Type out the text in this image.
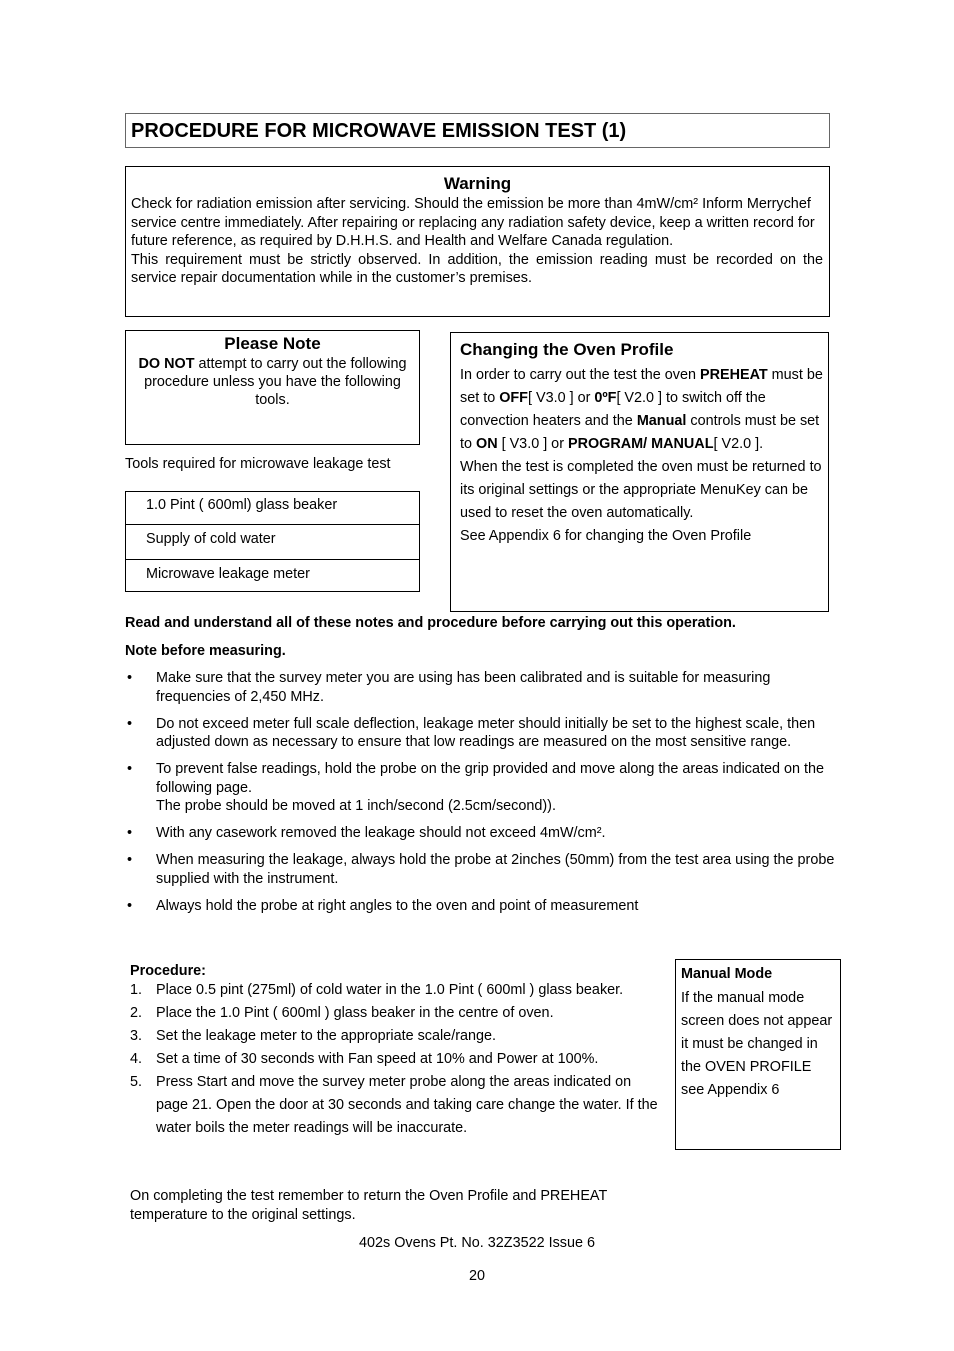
PROCEDURE FOR MICROWAVE EMISSION TEST (1)
Warning

Check for radiation emission after servicing. Should the emission be more than 4mW/cm² Inform Merrychef service centre immediately. After repairing or replacing any radiation safety device, keep a written record for future reference, as required by D.H.H.S. and Health and Welfare Canada regulation.

This requirement must be strictly observed. In addition, the emission reading must be recorded on the service repair documentation while in the customer’s premises.

Please Note
DO NOT attempt to carry out the following procedure unless you have the following tools.
Tools required for microwave leakage test
1.0 Pint ( 600ml) glass beaker
Supply of cold water
Microwave leakage meter
Changing the Oven Profile

In order to carry out the test the oven PREHEAT must be set to OFF[ V3.0 ] or 0ºF[ V2.0 ] to switch off the convection heaters and the Manual controls must be set to ON [ V3.0 ] or PROGRAM/ MANUAL[ V2.0 ].

When the test is completed the oven must be returned to its original settings or the appropriate MenuKey can be used to reset the oven automatically.

See Appendix 6 for changing the Oven Profile

Read and understand all of these notes and procedure before carrying out this operation.
Note before measuring.
• Make sure that the survey meter you are using has been calibrated and is suitable for measuring frequencies of 2,450 MHz.
• Do not exceed meter full scale deflection, leakage meter should initially be set to the highest scale, then adjusted down as necessary to ensure that low readings are measured on the most sensitive range.
• To prevent false readings, hold the probe on the grip provided and move along the areas indicated on the following page.
The probe should be moved at 1 inch/second (2.5cm/second)).
• With any casework removed the leakage should not exceed 4mW/cm².
• When measuring the leakage, always hold the probe at 2inches (50mm) from the test area using the probe supplied with the instrument.
• Always hold the probe at right angles to the oven and point of measurement
Procedure:
1. Place 0.5 pint (275ml) of cold water in the 1.0 Pint ( 600ml ) glass beaker.
2. Place the 1.0 Pint ( 600ml ) glass beaker in the centre of oven.
3. Set the leakage meter to the appropriate scale/range.
4. Set a time of 30 seconds with Fan speed at 10% and Power at 100%.
5. Press Start and move the survey meter probe along the areas indicated on page 21. Open the door at 30 seconds and taking care change the water. If the water boils the meter readings will be inaccurate.
On completing the test remember to return the Oven Profile and PREHEAT temperature to the original settings.
Manual Mode
If the manual mode screen does not appear it must be changed in the OVEN PROFILE see Appendix 6
402s Ovens Pt. No. 32Z3522 Issue 6
20
